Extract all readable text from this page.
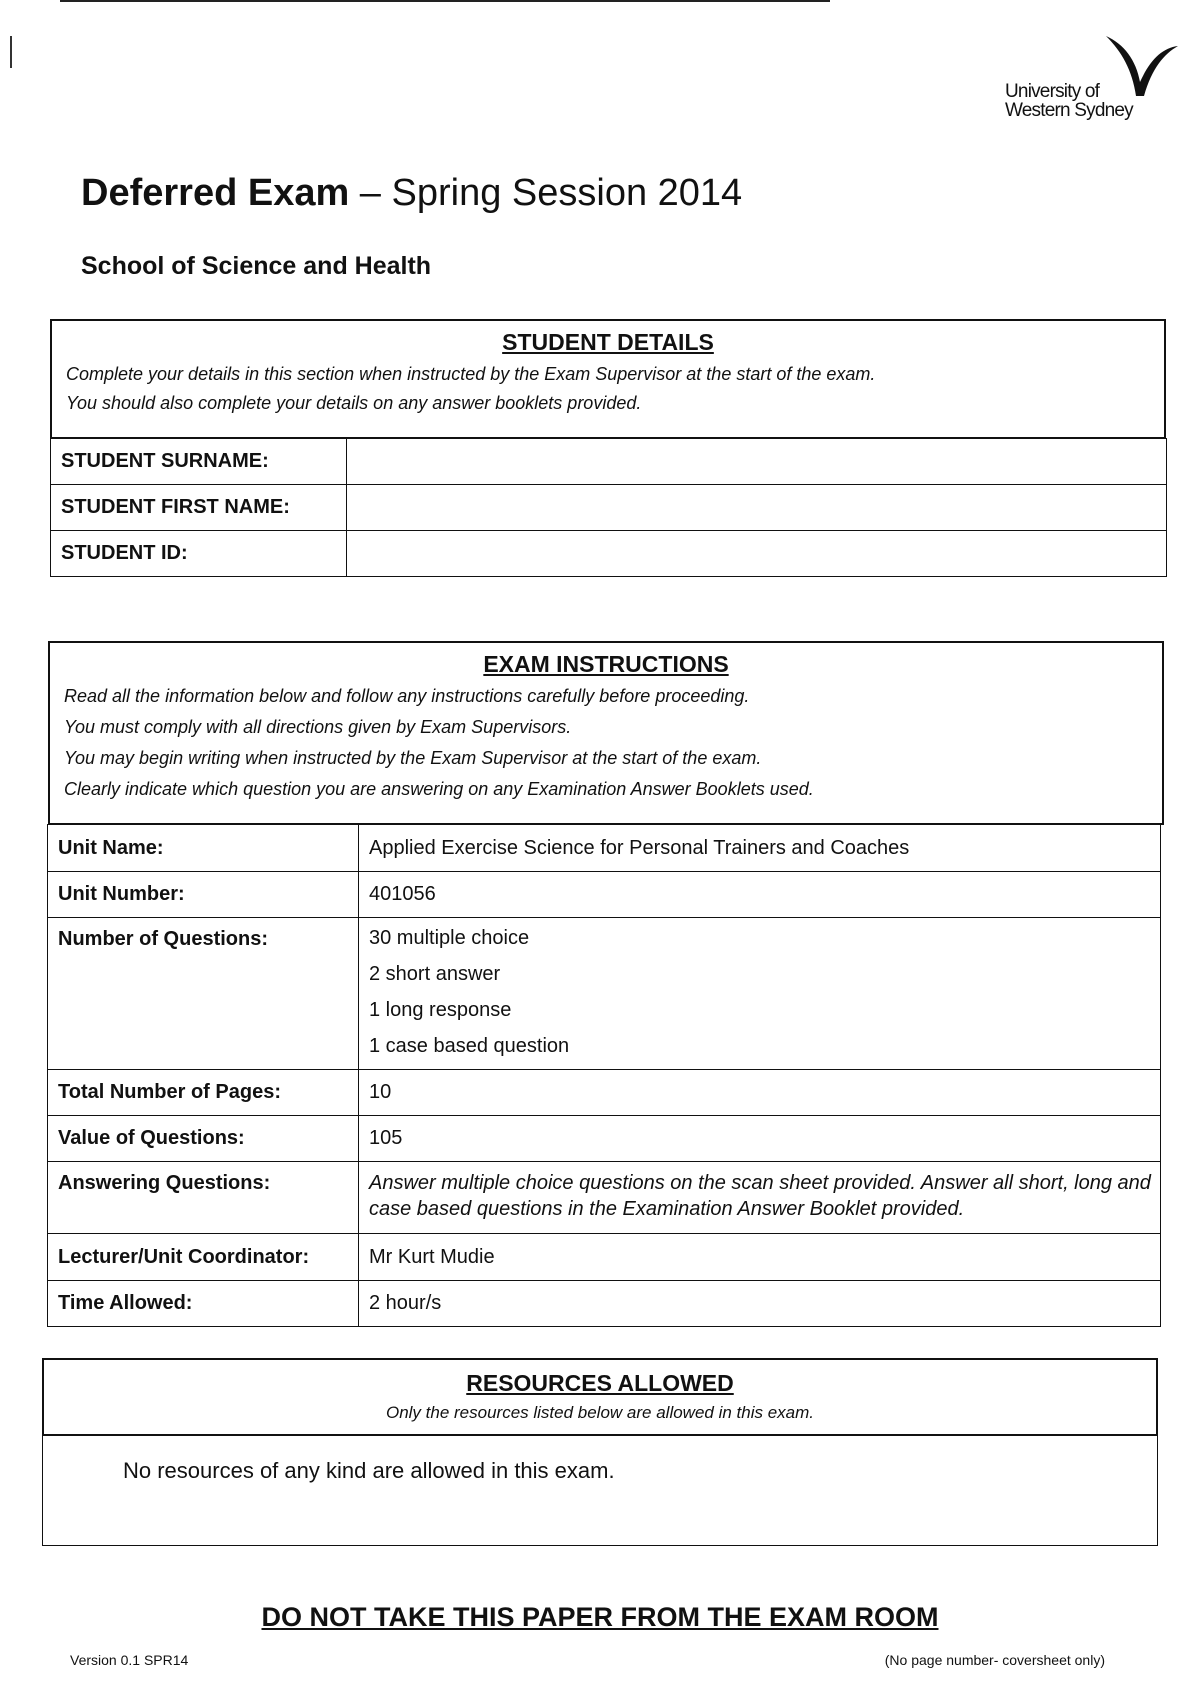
University of
Western Sydney
Deferred Exam – Spring Session 2014
School of Science and Health
STUDENT DETAILS
Complete your details in this section when instructed by the Exam Supervisor at the start of the exam.
You should also complete your details on any answer booklets provided.
STUDENT SURNAME:	
STUDENT FIRST NAME:	
STUDENT ID:	
EXAM INSTRUCTIONS
Read all the information below and follow any instructions carefully before proceeding.
You must comply with all directions given by Exam Supervisors.
You may begin writing when instructed by the Exam Supervisor at the start of the exam.
Clearly indicate which question you are answering on any Examination Answer Booklets used.
Unit Name:	Applied Exercise Science for Personal Trainers and Coaches
Unit Number:	401056
Number of Questions:	30 multiple choice
2 short answer
1 long response
1 case based question

Total Number of Pages:	10
Value of Questions:	105
Answering Questions:	Answer multiple choice questions on the scan sheet provided. Answer all short, long and case based questions in the Examination Answer Booklet provided.
Lecturer/Unit Coordinator:	Mr Kurt Mudie
Time Allowed:	2 hour/s
RESOURCES ALLOWED
Only the resources listed below are allowed in this exam.
No resources of any kind are allowed in this exam.
DO NOT TAKE THIS PAPER FROM THE EXAM ROOM
Version 0.1 SPR14	(No page number- coversheet only)
